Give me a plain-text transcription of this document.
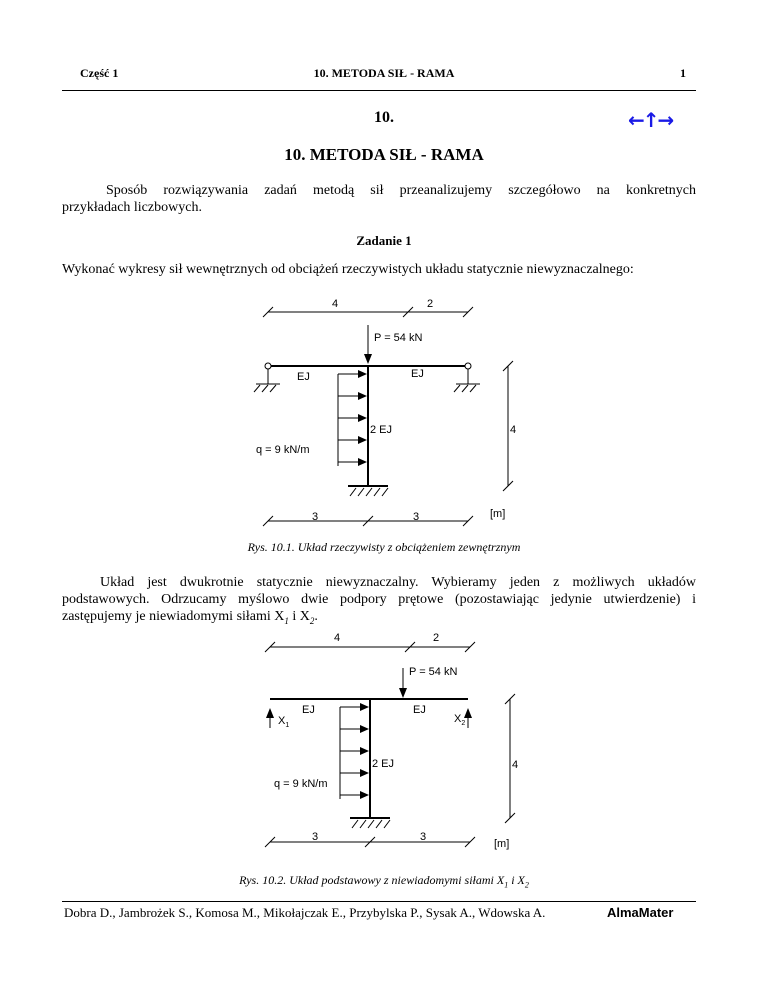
Część 1	10. METODA SIŁ - RAMA	1
←↑→
10.
10. METODA SIŁ - RAMA
Sposób rozwiązywania zadań metodą sił przeanalizujemy szczegółowo na konkretnych
przykładach liczbowych.
Zadanie 1
Wykonać wykresy sił wewnętrznych od obciążeń rzeczywistych układu statycznie niewyznaczalnego:
4	2
P = 54 kN
EJ	EJ
2 EJ	4
q = 9 kN/m
3	3	[m]
Rys. 10.1. Układ rzeczywisty z obciążeniem zewnętrznym
Układ jest dwukrotnie statycznie niewyznaczalny. Wybieramy jeden z możliwych układów
podstawowych. Odrzucamy myślowo dwie podpory prętowe (pozostawiając jedynie utwierdzenie) i
zastępujemy je niewiadomymi siłami $X_1$ i $X_2$.
4	2
P = 54 kN
EJ	EJ
$X_1$
$X_2$
2 EJ	4
q = 9 kN/m
3	3
[m]
Rys. 10.2. Układ podstawowy z niewiadomymi siłami $X_1$ i $X_2$
Dobra D., Jambrożek S., Komosa M., Mikołajczak E., Przybylska P., Sysak A., Wdowska A.	AlmaMater
